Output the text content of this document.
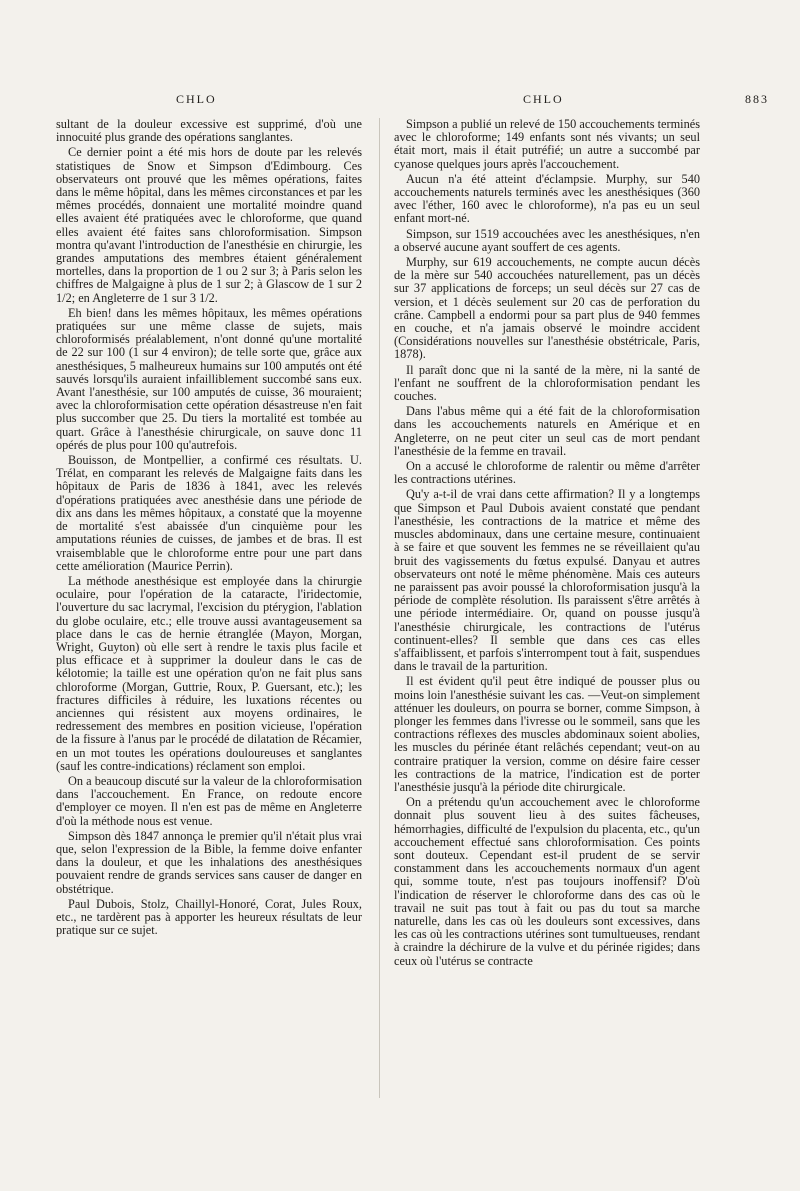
CHLO	CHLO	883

sultant de la douleur excessive est supprimé, d'où une innocuité plus grande des opérations sanglantes.

Ce dernier point a été mis hors de doute par les relevés statistiques de Snow et Simpson d'Edimbourg. Ces observateurs ont prouvé que les mêmes opérations, faites dans le même hôpital, dans les mêmes circonstances et par les mêmes procédés, donnaient une mortalité moindre quand elles avaient été pratiquées avec le chloroforme, que quand elles avaient été faites sans chloroformisation. Simpson montra qu'avant l'introduction de l'anesthésie en chirurgie, les grandes amputations des membres étaient généralement mortelles, dans la proportion de 1 ou 2 sur 3; à Paris selon les chiffres de Malgaigne à plus de 1 sur 2; à Glascow de 1 sur 2 1/2; en Angleterre de 1 sur 3 1/2.

Eh bien! dans les mêmes hôpitaux, les mêmes opérations pratiquées sur une même classe de sujets, mais chloroformisés préalablement, n'ont donné qu'une mortalité de 22 sur 100 (1 sur 4 environ); de telle sorte que, grâce aux anesthésiques, 5 malheureux humains sur 100 amputés ont été sauvés lorsqu'ils auraient infailliblement succombé sans eux. Avant l'anesthésie, sur 100 amputés de cuisse, 36 mouraient; avec la chloroformisation cette opération désastreuse n'en fait plus succomber que 25. Du tiers la mortalité est tombée au quart. Grâce à l'anesthésie chirurgicale, on sauve donc 11 opérés de plus pour 100 qu'autrefois.

Bouisson, de Montpellier, a confirmé ces résultats. U. Trélat, en comparant les relevés de Malgaigne faits dans les hôpitaux de Paris de 1836 à 1841, avec les relevés d'opérations pratiquées avec anesthésie dans une période de dix ans dans les mêmes hôpitaux, a constaté que la moyenne de mortalité s'est abaissée d'un cinquième pour les amputations réunies de cuisses, de jambes et de bras. Il est vraisemblable que le chloroforme entre pour une part dans cette amélioration (Maurice Perrin).

La méthode anesthésique est employée dans la chirurgie oculaire, pour l'opération de la cataracte, l'iridectomie, l'ouverture du sac lacrymal, l'excision du ptérygion, l'ablation du globe oculaire, etc.; elle trouve aussi avantageusement sa place dans le cas de hernie étranglée (Mayon, Morgan, Wright, Guyton) où elle sert à rendre le taxis plus facile et plus efficace et à supprimer la douleur dans le cas de kélotomie; la taille est une opération qu'on ne fait plus sans chloroforme (Morgan, Guttrie, Roux, P. Guersant, etc.); les fractures difficiles à réduire, les luxations récentes ou anciennes qui résistent aux moyens ordinaires, le redressement des membres en position vicieuse, l'opération de la fissure à l'anus par le procédé de dilatation de Récamier, en un mot toutes les opérations douloureuses et sanglantes (sauf les contre-indications) réclament son emploi.

On a beaucoup discuté sur la valeur de la chloroformisation dans l'accouchement. En France, on redoute encore d'employer ce moyen. Il n'en est pas de même en Angleterre d'où la méthode nous est venue.

Simpson dès 1847 annonça le premier qu'il n'était plus vrai que, selon l'expression de la Bible, la femme doive enfanter dans la douleur, et que les inhalations des anesthésiques pouvaient rendre de grands services sans causer de danger en obstétrique.

Paul Dubois, Stolz, Chaillyl-Honoré, Corat, Jules Roux, etc., ne tardèrent pas à apporter les heureux résultats de leur pratique sur ce sujet.

Simpson a publié un relevé de 150 accouchements terminés avec le chloroforme; 149 enfants sont nés vivants; un seul était mort, mais il était putréfié; un autre a succombé par cyanose quelques jours après l'accouchement.

Aucun n'a été atteint d'éclampsie. Murphy, sur 540 accouchements naturels terminés avec les anesthésiques (360 avec l'éther, 160 avec le chloroforme), n'a pas eu un seul enfant mort-né.

Simpson, sur 1519 accouchées avec les anesthésiques, n'en a observé aucune ayant souffert de ces agents.

Murphy, sur 619 accouchements, ne compte aucun décès de la mère sur 540 accouchées naturellement, pas un décès sur 37 applications de forceps; un seul décès sur 27 cas de version, et 1 décès seulement sur 20 cas de perforation du crâne. Campbell a endormi pour sa part plus de 940 femmes en couche, et n'a jamais observé le moindre accident (Considérations nouvelles sur l'anesthésie obstétricale, Paris, 1878).

Il paraît donc que ni la santé de la mère, ni la santé de l'enfant ne souffrent de la chloroformisation pendant les couches.

Dans l'abus même qui a été fait de la chloroformisation dans les accouchements naturels en Amérique et en Angleterre, on ne peut citer un seul cas de mort pendant l'anesthésie de la femme en travail.

On a accusé le chloroforme de ralentir ou même d'arrêter les contractions utérines.

Qu'y a-t-il de vrai dans cette affirmation? Il y a longtemps que Simpson et Paul Dubois avaient constaté que pendant l'anesthésie, les contractions de la matrice et même des muscles abdominaux, dans une certaine mesure, continuaient à se faire et que souvent les femmes ne se réveillaient qu'au bruit des vagissements du fœtus expulsé. Danyau et autres observateurs ont noté le même phénomène. Mais ces auteurs ne paraissent pas avoir poussé la chloroformisation jusqu'à la période de complète résolution. Ils paraissent s'être arrêtés à une période intermédiaire. Or, quand on pousse jusqu'à l'anesthésie chirurgicale, les contractions de l'utérus continuent-elles? Il semble que dans ces cas elles s'affaiblissent, et parfois s'interrompent tout à fait, suspendues dans le travail de la parturition.

Il est évident qu'il peut être indiqué de pousser plus ou moins loin l'anesthésie suivant les cas. —Veut-on simplement atténuer les douleurs, on pourra se borner, comme Simpson, à plonger les femmes dans l'ivresse ou le sommeil, sans que les contractions réflexes des muscles abdominaux soient abolies, les muscles du périnée étant relâchés cependant; veut-on au contraire pratiquer la version, comme on désire faire cesser les contractions de la matrice, l'indication est de porter l'anesthésie jusqu'à la période dite chirurgicale.

On a prétendu qu'un accouchement avec le chloroforme donnait plus souvent lieu à des suites fâcheuses, hémorrhagies, difficulté de l'expulsion du placenta, etc., qu'un accouchement effectué sans chloroformisation. Ces points sont douteux. Cependant est-il prudent de se servir constamment dans les accouchements normaux d'un agent qui, somme toute, n'est pas toujours inoffensif? D'où l'indication de réserver le chloroforme dans des cas où le travail ne suit pas tout à fait ou pas du tout sa marche naturelle, dans les cas où les douleurs sont excessives, dans les cas où les contractions utérines sont tumultueuses, rendant à craindre la déchirure de la vulve et du périnée rigides; dans ceux où l'utérus se contracte
